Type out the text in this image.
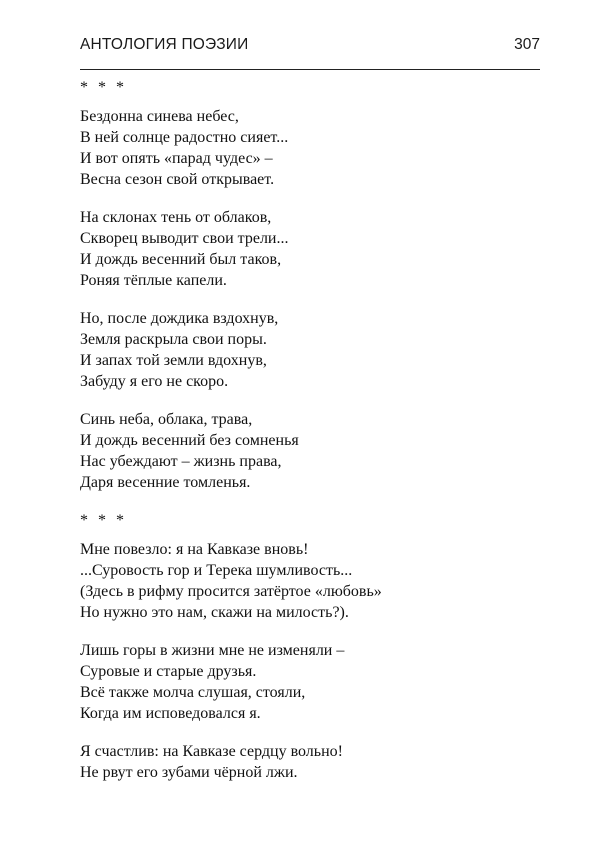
АНТОЛОГИЯ ПОЭЗИИ	307
* * *
Бездонна синева небес,
В ней солнце радостно сияет...
И вот опять «парад чудес» –
Весна сезон свой открывает.
На склонах тень от облаков,
Скворец выводит свои трели...
И дождь весенний был таков,
Роняя тёплые капели.
Но, после дождика вздохнув,
Земля раскрыла свои поры.
И запах той земли вдохнув,
Забуду я его не скоро.
Синь неба, облака, трава,
И дождь весенний без сомненья
Нас убеждают – жизнь права,
Даря весенние томленья.
* * *
Мне повезло: я на Кавказе вновь!
...Суровость гор и Терека шумливость...
(Здесь в рифму просится затёртое «любовь»
Но нужно это нам, скажи на милость?).
Лишь горы в жизни мне не изменяли –
Суровые и старые друзья.
Всё также молча слушая, стояли,
Когда им исповедовался я.
Я счастлив: на Кавказе сердцу вольно!
Не рвут его зубами чёрной лжи.
